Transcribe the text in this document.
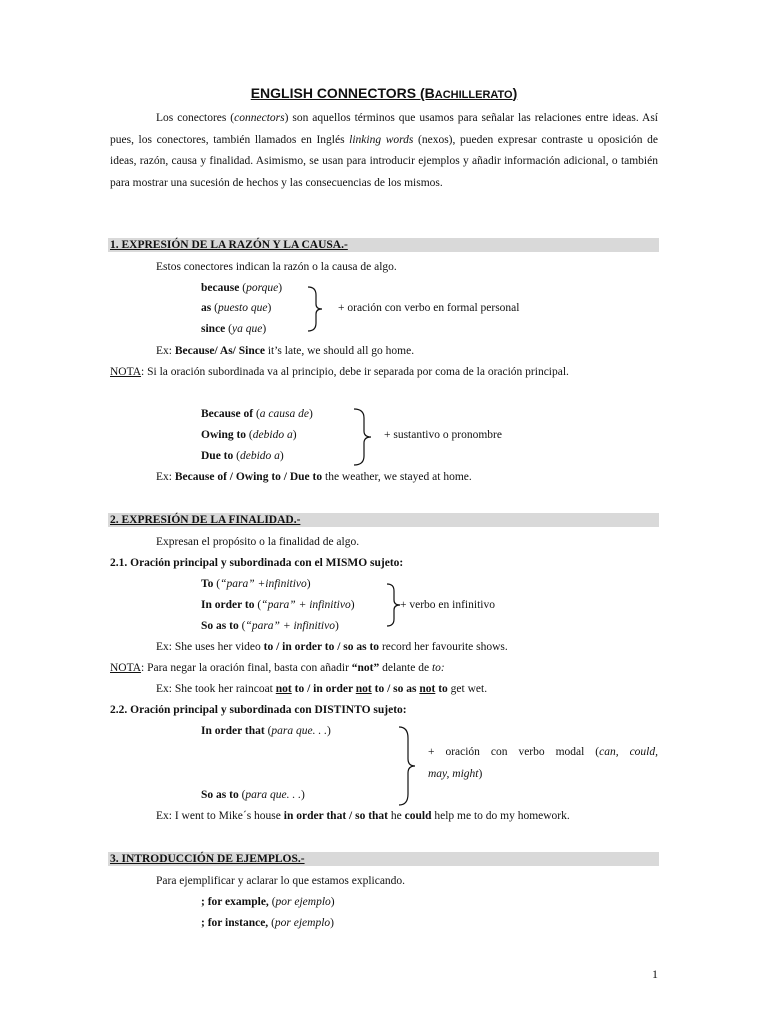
ENGLISH CONNECTORS (BACHILLERATO)

Los conectores (connectors) son aquellos términos que usamos para señalar las relaciones entre ideas. Así pues, los conectores, también llamados en Inglés linking words (nexos), pueden expresar contraste u oposición de ideas, razón, causa y finalidad. Asimismo, se usan para introducir ejemplos y añadir información adicional, o también para mostrar una sucesión de hechos y las consecuencias de los mismos.

1. EXPRESIÓN DE LA RAZÓN Y LA CAUSA.-
Estos conectores indican la razón o la causa de algo.
because (porque)
as (puesto que)
since (ya que)
+ oración con verbo en formal personal
Ex: Because/ As/ Since it’s late, we should all go home.
NOTA: Si la oración subordinada va al principio, debe ir separada por coma de la oración principal.
Because of (a causa de)
Owing to (debido a)
Due to (debido a)
+ sustantivo o pronombre
Ex: Because of / Owing to / Due to the weather, we stayed at home.
2. EXPRESIÓN DE LA FINALIDAD.-
Expresan el propósito o la finalidad de algo.
2.1. Oración principal y subordinada con el MISMO sujeto:
To (“para” +infinitivo)
In order to (“para” + infinitivo)
So as to (“para” + infinitivo)
+ verbo en infinitivo
Ex: She uses her video to / in order to / so as to record her favourite shows.
NOTA: Para negar la oración final, basta con añadir “not” delante de to:
Ex: She took her raincoat not to / in order not to / so as not to get wet.
2.2. Oración principal y subordinada con DISTINTO sujeto:
In order that (para que. . .)
So as to (para que. . .)
+ oración con verbo modal (can, could,
may, might)
Ex: I went to Mike´s house in order that / so that he could help me to do my homework.
3. INTRODUCCIÓN DE EJEMPLOS.-
Para ejemplificar y aclarar lo que estamos explicando.
; for example, (por ejemplo)
; for instance, (por ejemplo)
1
